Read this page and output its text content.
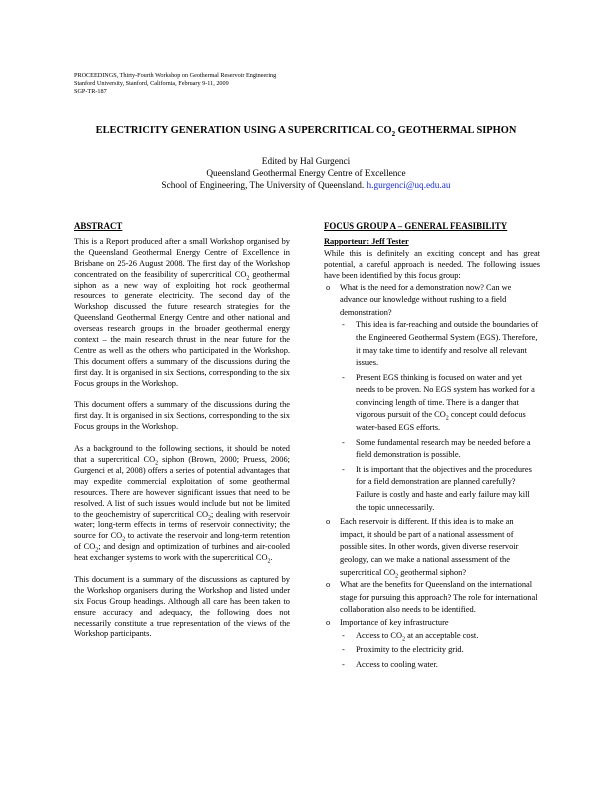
PROCEEDINGS, Thirty-Fourth Workshop on Geothermal Reservoir Engineering
Stanford University, Stanford, California, February 9-11, 2009
SGP-TR-187
ELECTRICITY GENERATION USING A SUPERCRITICAL $CO_2$ GEOTHERMAL SIPHON
Edited by Hal Gurgenci
Queensland Geothermal Energy Centre of Excellence
School of Engineering, The University of Queensland. h.gurgenci@uq.edu.au
ABSTRACT

This is a Report produced after a small Workshop organised by the Queensland Geothermal Energy Centre of Excellence in Brisbane on 25-26 August 2008. The first day of the Workshop concentrated on the feasibility of supercritical $CO_2$ geothermal siphon as a new way of exploiting hot rock geothermal resources to generate electricity. The second day of the Workshop discussed the future research strategies for the Queensland Geothermal Energy Centre and other national and overseas research groups in the broader geothermal energy context – the main research thrust in the near future for the Centre as well as the others who participated in the Workshop. This document offers a summary of the discussions during the first day. It is organised in six Sections, corresponding to the six Focus groups in the Workshop.

This document offers a summary of the discussions during the first day. It is organised in six Sections, corresponding to the six Focus groups in the Workshop.

As a background to the following sections, it should be noted that a supercritical $CO_2$ siphon (Brown, 2000; Pruess, 2006; Gurgenci et al, 2008) offers a series of potential advantages that may expedite commercial exploitation of some geothermal resources. There are however significant issues that need to be resolved. A list of such issues would include but not be limited to the geochemistry of supercritical $CO_2$; dealing with reservoir water; long-term effects in terms of reservoir connectivity; the source for $CO_2$ to activate the reservoir and long-term retention of $CO_2$; and design and optimization of turbines and air-cooled heat exchanger systems to work with the supercritical $CO_2$.

This document is a summary of the discussions as captured by the Workshop organisers during the Workshop and listed under six Focus Group headings. Although all care has been taken to ensure accuracy and adequacy, the following does not necessarily constitute a true representation of the views of the Workshop participants.

FOCUS GROUP A – GENERAL FEASIBILITY
Rapporteur: Jeff Tester

While this is definitely an exciting concept and has great potential, a careful approach is needed. The following issues have been identified by this focus group:

o What is the need for a demonstration now? Can we advance our knowledge without rushing to a field demonstration?
- This idea is far-reaching and outside the boundaries of the Engineered Geothermal System (EGS). Therefore, it may take time to identify and resolve all relevant issues.
- Present EGS thinking is focused on water and yet needs to be proven. No EGS system has worked for a convincing length of time. There is a danger that vigorous pursuit of the $CO_2$ concept could defocus water-based EGS efforts.
- Some fundamental research may be needed before a field demonstration is possible.
- It is important that the objectives and the procedures for a field demonstration are planned carefully? Failure is costly and haste and early failure may kill the topic unnecessarily.
o Each reservoir is different. If this idea is to make an impact, it should be part of a national assessment of possible sites. In other words, given diverse reservoir geology, can we make a national assessment of the supercritical $CO_2$ geothermal siphon?
o What are the benefits for Queensland on the international stage for pursuing this approach? The role for international collaboration also needs to be identified.
o Importance of key infrastructure
- Access to $CO_2$ at an acceptable cost.
- Proximity to the electricity grid.
- Access to cooling water.
